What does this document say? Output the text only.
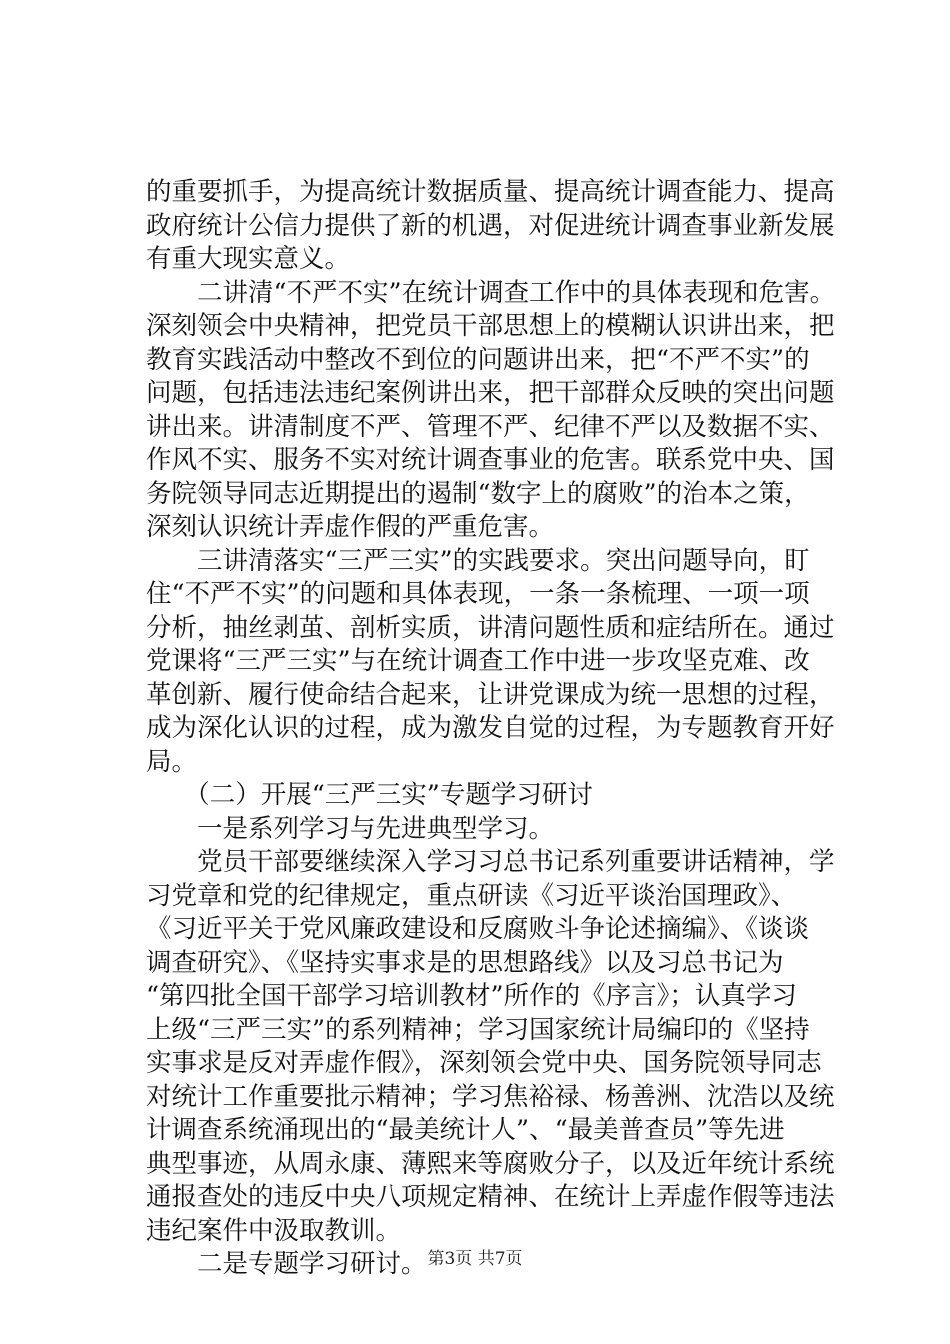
的重要抓手，为提高统计数据质量、提高统计调查能力、提高
政府统计公信力提供了新的机遇，对促进统计调查事业新发展
有重大现实意义。
　　二讲清“不严不实”在统计调查工作中的具体表现和危害。
深刻领会中央精神，把党员干部思想上的模糊认识讲出来，把
教育实践活动中整改不到位的问题讲出来，把“不严不实”的
问题，包括违法违纪案例讲出来，把干部群众反映的突出问题
讲出来。讲清制度不严、管理不严、纪律不严以及数据不实、
作风不实、服务不实对统计调查事业的危害。联系党中央、国
务院领导同志近期提出的遏制“数字上的腐败”的治本之策，
深刻认识统计弄虚作假的严重危害。
　　三讲清落实“三严三实”的实践要求。突出问题导向，盯
住“不严不实”的问题和具体表现，一条一条梳理、一项一项
分析，抽丝剥茧、剖析实质，讲清问题性质和症结所在。通过
党课将“三严三实”与在统计调查工作中进一步攻坚克难、改
革创新、履行使命结合起来，让讲党课成为统一思想的过程，
成为深化认识的过程，成为激发自觉的过程，为专题教育开好
局。
　　（二）开展“三严三实”专题学习研讨
　　一是系列学习与先进典型学习。
　　党员干部要继续深入学习习总书记系列重要讲话精神，学
习党章和党的纪律规定，重点研读《习近平谈治国理政》、
《习近平关于党风廉政建设和反腐败斗争论述摘编》、《谈谈
调查研究》、《坚持实事求是的思想路线》以及习总书记为
“第四批全国干部学习培训教材”所作的《序言》；认真学习
上级“三严三实”的系列精神；学习国家统计局编印的《坚持
实事求是反对弄虚作假》，深刻领会党中央、国务院领导同志
对统计工作重要批示精神；学习焦裕禄、杨善洲、沈浩以及统
计调查系统涌现出的“最美统计人”、“最美普查员”等先进
典型事迹，从周永康、薄熙来等腐败分子，以及近年统计系统
通报查处的违反中央八项规定精神、在统计上弄虚作假等违法
违纪案件中汲取教训。
　　二是专题学习研讨。 第3页 共7页
